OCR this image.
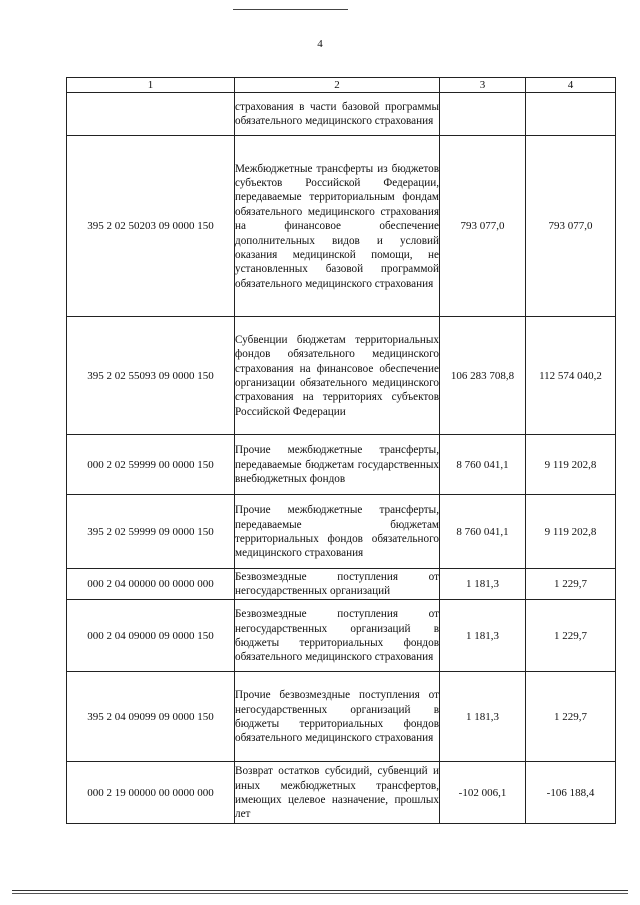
4
1	2	3	4
	страхования в части базовой программы обязательного медицинского страхования		
395 2 02 50203 09 0000 150	Межбюджетные трансферты из бюджетов субъектов Российской Федерации, передаваемые территориальным фондам обязательного медицинского страхования на финансовое обеспечение дополнительных видов и условий оказания медицинской помощи, не установленных базовой программой обязательного медицинского страхования	793 077,0	793 077,0
395 2 02 55093 09 0000 150	Субвенции бюджетам территориальных фондов обязательного медицинского страхования на финансовое обеспечение организации обязательного медицинского страхования на территориях субъектов Российской Федерации	106 283 708,8	112 574 040,2
000 2 02 59999 00 0000 150	Прочие межбюджетные трансферты, передаваемые бюджетам государственных внебюджетных фондов	8 760 041,1	9 119 202,8
395 2 02 59999 09 0000 150	Прочие межбюджетные трансферты, передаваемые бюджетам территориальных фондов обязательного медицинского страхования	8 760 041,1	9 119 202,8
000 2 04 00000 00 0000 000	Безвозмездные поступления от негосударственных организаций	1 181,3	1 229,7
000 2 04 09000 09 0000 150	Безвозмездные поступления от негосударственных организаций в бюджеты территориальных фондов обязательного медицинского страхования	1 181,3	1 229,7
395 2 04 09099 09 0000 150	Прочие безвозмездные поступления от негосударственных организаций в бюджеты территориальных фондов обязательного медицинского страхования	1 181,3	1 229,7
000 2 19 00000 00 0000 000	Возврат остатков субсидий, субвенций и иных межбюджетных трансфертов, имеющих целевое назначение, прошлых лет	-102 006,1	-106 188,4
